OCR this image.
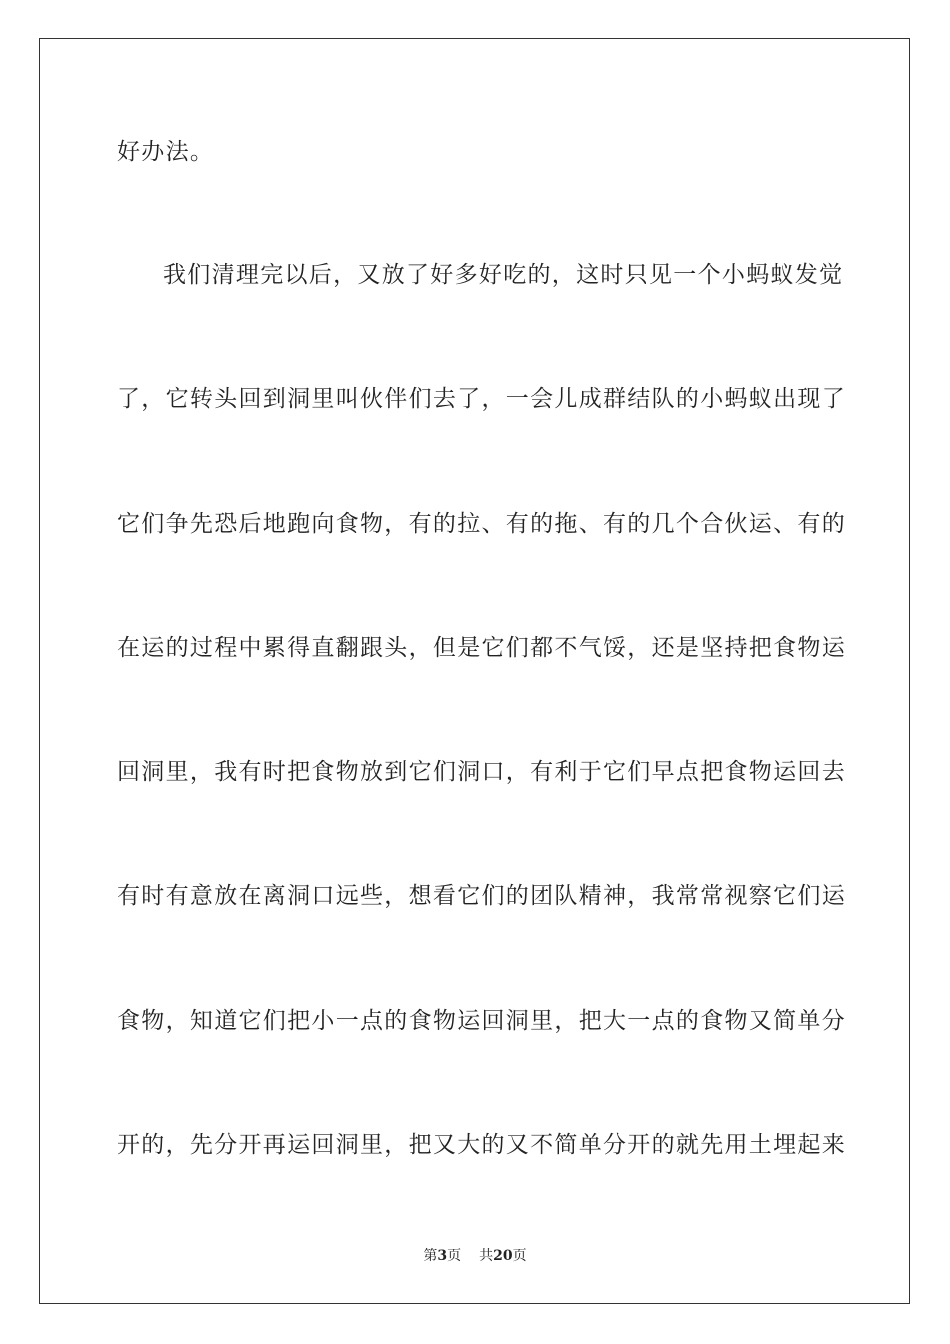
好办法。
我们清理完以后，又放了好多好吃的，这时只见一个小蚂蚁发觉
了，它转头回到洞里叫伙伴们去了，一会儿成群结队的小蚂蚁出现了
它们争先恐后地跑向食物，有的拉、有的拖、有的几个合伙运、有的
在运的过程中累得直翻跟头，但是它们都不气馁，还是坚持把食物运
回洞里，我有时把食物放到它们洞口，有利于它们早点把食物运回去
有时有意放在离洞口远些，想看它们的团队精神，我常常视察它们运
食物，知道它们把小一点的食物运回洞里，把大一点的食物又简单分
开的，先分开再运回洞里，把又大的又不简单分开的就先用土埋起来
第3页 共20页
